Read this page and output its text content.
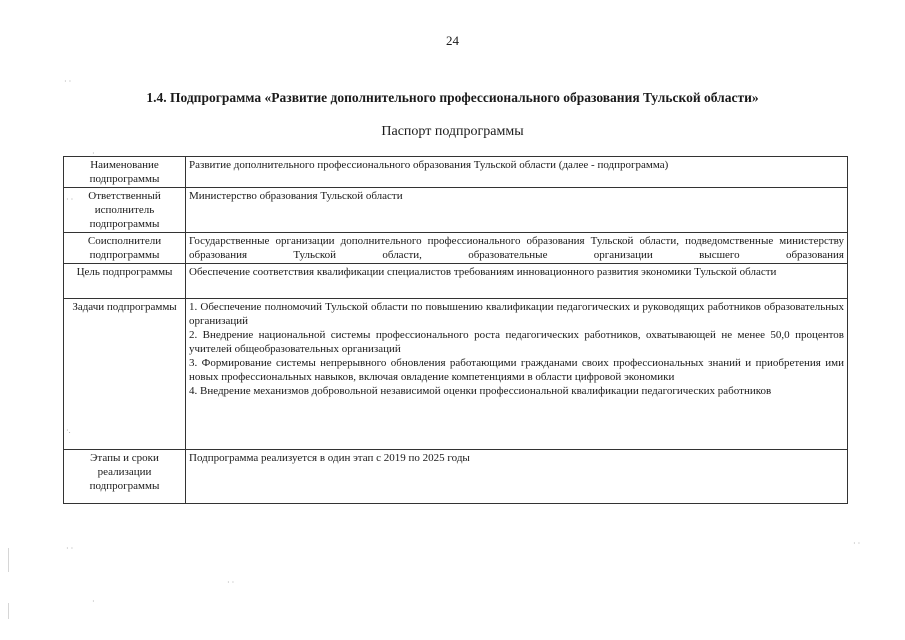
24
1.4. Подпрограмма «Развитие дополнительного профессионального образования Тульской области»
Паспорт подпрограммы
Наименование подпрограммы	Развитие дополнительного профессионального образования Тульской области (далее - подпрограмма)
Ответственный исполнитель подпрограммы	Министерство образования Тульской области
Соисполнители подпрограммы	Государственные организации дополнительного профессионального образования Тульской области, подведомственные министерству образования Тульской области, образовательные организации высшего образования
Цель подпрограммы	Обеспечение соответствия квалификации специалистов требованиям инновационного развития экономики Тульской области
Задачи подпрограммы	1. Обеспечение полномочий Тульской области по повышению квалификации педагогических и руководящих работников образовательных организаций
2. Внедрение национальной системы профессионального роста педагогических работников, охватывающей не менее 50,0 процентов учителей общеобразовательных организаций
3. Формирование системы непрерывного обновления работающими гражданами своих профессиональных знаний и приобретения ими новых профессиональных навыков, включая овладение компетенциями в области цифровой экономики
4. Внедрение механизмов добровольной независимой оценки профессиональной квалификации педагогических работников

Этапы и сроки реализации подпрограммы	Подпрограмма реализуется в один этап с 2019 по 2025 годы
· ·
·
· ·
·.
· ·
· ·
·
|
|
|
|
|
· ·
